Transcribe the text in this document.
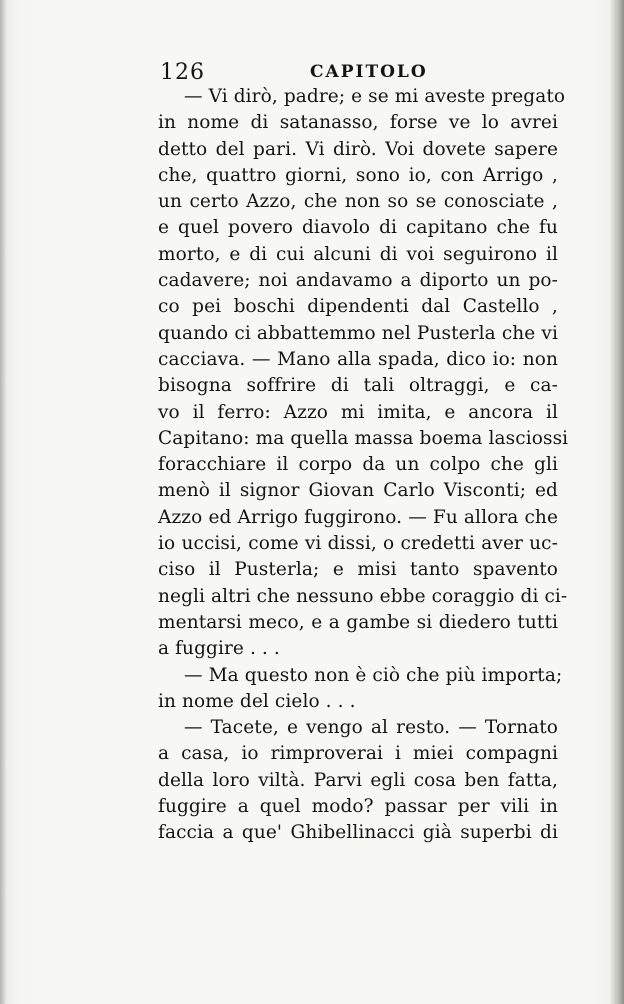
126	CAPITOLO
— Vi dirò, padre; e se mi aveste pregato
in nome di satanasso, forse ve lo avrei
detto del pari. Vi dirò. Voi dovete sapere
che, quattro giorni, sono io, con Arrigo ,
un certo Azzo, che non so se conosciate ,
e quel povero diavolo di capitano che fu
morto, e di cui alcuni di voi seguirono il
cadavere; noi andavamo a diporto un po-
co pei boschi dipendenti dal Castello ,
quando ci abbattemmo nel Pusterla che vi
cacciava. — Mano alla spada, dico io: non
bisogna soffrire di tali oltraggi, e ca-
vo il ferro: Azzo mi imita, e ancora il
Capitano: ma quella massa boema lasciossi
foracchiare il corpo da un colpo che gli
menò il signor Giovan Carlo Visconti; ed
Azzo ed Arrigo fuggirono. — Fu allora che
io uccisi, come vi dissi, o credetti aver uc-
ciso il Pusterla; e misi tanto spavento
negli altri che nessuno ebbe coraggio di ci-
mentarsi meco, e a gambe si diedero tutti
a fuggire . . .
— Ma questo non è ciò che più importa;
in nome del cielo . . .
— Tacete, e vengo al resto. — Tornato
a casa, io rimproverai i miei compagni
della loro viltà. Parvi egli cosa ben fatta,
fuggire a quel modo? passar per vili in
faccia a que' Ghibellinacci già superbi di
